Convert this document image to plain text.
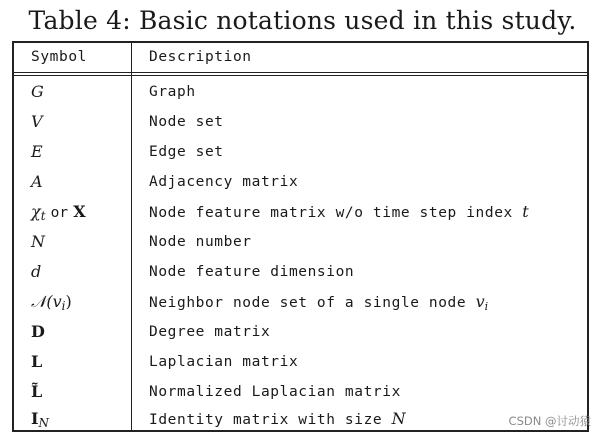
Table 4: Basic notations used in this study.
Symbol	Description
G	Graph
V	Node set
E	Edge set
A	Adjacency matrix
$\chi_t$ or X	Node feature matrix w/o time step index t
N	Node number
d	Node feature dimension
$𝒩(v_i)$	Neighbor node set of a single node $v_i$
D	Degree matrix
L	Laplacian matrix
L̃	Normalized Laplacian matrix
$I_N$	Identity matrix with size N	CSDN @讨动猿
